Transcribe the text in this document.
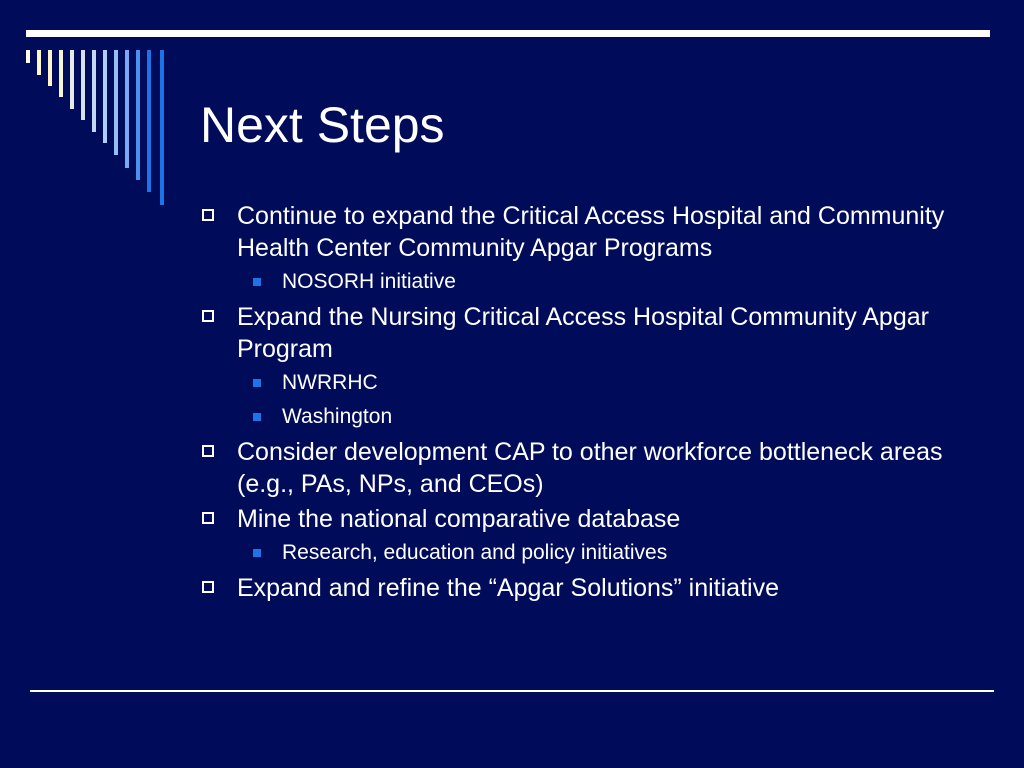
Next Steps
Continue to expand the Critical Access Hospital and Community Health Center Community Apgar Programs
NOSORH initiative
Expand the Nursing Critical Access Hospital Community Apgar Program
NWRRHC
Washington
Consider development CAP to other workforce bottleneck areas (e.g., PAs, NPs, and CEOs)
Mine the national comparative database
Research, education and policy initiatives
Expand and refine the “Apgar Solutions” initiative
